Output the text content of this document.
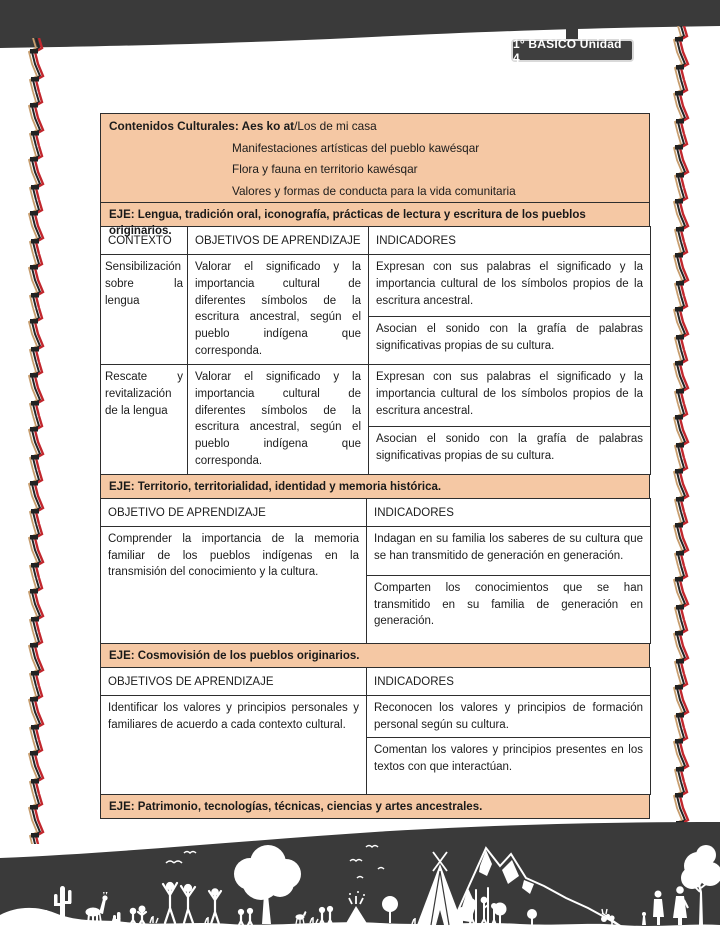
1° BÁSICO Unidad 4
Contenidos Culturales: Aes ko at/Los de mi casa
Manifestaciones artísticas del pueblo kawésqar
Flora y fauna en territorio kawésqar
Valores y formas de conducta para la vida comunitaria
EJE: Lengua, tradición oral, iconografía, prácticas de lectura y escritura de los pueblos originarios.
CONTEXTO	OBJETIVOS DE APRENDIZAJE	INDICADORES
Sensibilización sobre la lengua	Valorar el significado y la importancia cultural de diferentes símbolos de la escritura ancestral, según el pueblo indígena que corresponda.	Expresan con sus palabras el significado y la importancia cultural de los símbolos propios de la escritura ancestral.
		Asocian el sonido con la grafía de palabras significativas propias de su cultura.
Rescate y revitalización de la lengua	Valorar el significado y la importancia cultural de diferentes símbolos de la escritura ancestral, según el pueblo indígena que corresponda.	Expresan con sus palabras el significado y la importancia cultural de los símbolos propios de la escritura ancestral.
		Asocian el sonido con la grafía de palabras significativas propias de su cultura.
EJE: Territorio, territorialidad, identidad y memoria histórica.
OBJETIVO DE APRENDIZAJE	INDICADORES
Comprender la importancia de la memoria familiar de los pueblos indígenas en la transmisión del conocimiento y la cultura.	Indagan en su familia los saberes de su cultura que se han transmitido de generación en generación.
	Comparten los conocimientos que se han transmitido en su familia de generación en generación.
EJE: Cosmovisión de los pueblos originarios.
OBJETIVOS DE APRENDIZAJE	INDICADORES
Identificar los valores y principios personales y familiares de acuerdo a cada contexto cultural.	Reconocen los valores y principios de formación personal según su cultura.
	Comentan los valores y principios presentes en los textos con que interactúan.
EJE: Patrimonio, tecnologías, técnicas, ciencias y artes ancestrales.
